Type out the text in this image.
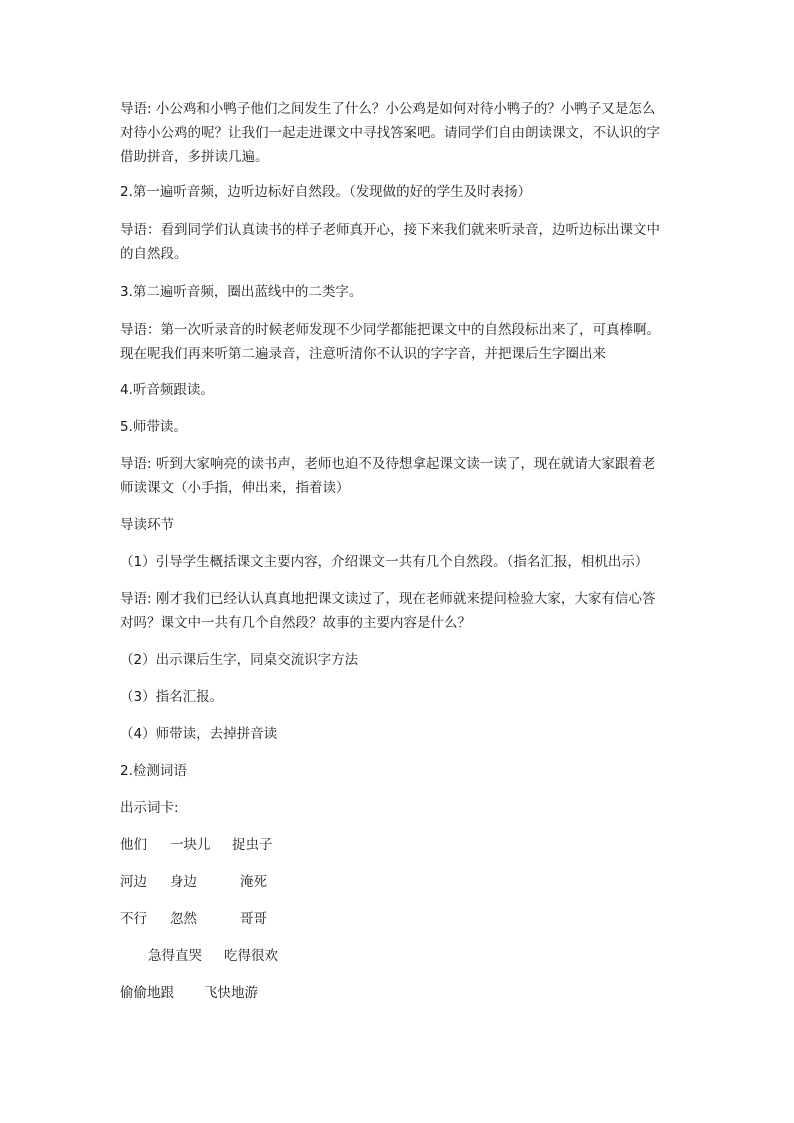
导语: 小公鸡和小鸭子他们之间发生了什么？小公鸡是如何对待小鸭子的？小鸭子又是怎么
对待小公鸡的呢？让我们一起走进课文中寻找答案吧。请同学们自由朗读课文，不认识的字
借助拼音，多拼读几遍。
2.第一遍听音频，边听边标好自然段。（发现做的好的学生及时表扬）
导语：看到同学们认真读书的样子老师真开心，接下来我们就来听录音，边听边标出课文中
的自然段。
3.第二遍听音频，圈出蓝线中的二类字。
导语：第一次听录音的时候老师发现不少同学都能把课文中的自然段标出来了，可真棒啊。
现在呢我们再来听第二遍录音，注意听清你不认识的字字音，并把课后生字圈出来
4.听音频跟读。
5.师带读。
导语: 听到大家响亮的读书声，老师也迫不及待想拿起课文读一读了，现在就请大家跟着老
师读课文（小手指，伸出来，指着读）
导读环节
（1）引导学生概括课文主要内容，介绍课文一共有几个自然段。（指名汇报，相机出示）
导语: 刚才我们已经认认真真地把课文读过了，现在老师就来提问检验大家，大家有信心答
对吗？课文中一共有几个自然段？故事的主要内容是什么？
（2）出示课后生字，同桌交流识字方法
（3）指名汇报。
（4）师带读，去掉拼音读
2.检测词语
出示词卡:
他们 一块儿 捉虫子
河边 身边	淹死
不行 忽然	哥哥
急得直哭 吃得很欢
偷偷地跟 飞快地游
